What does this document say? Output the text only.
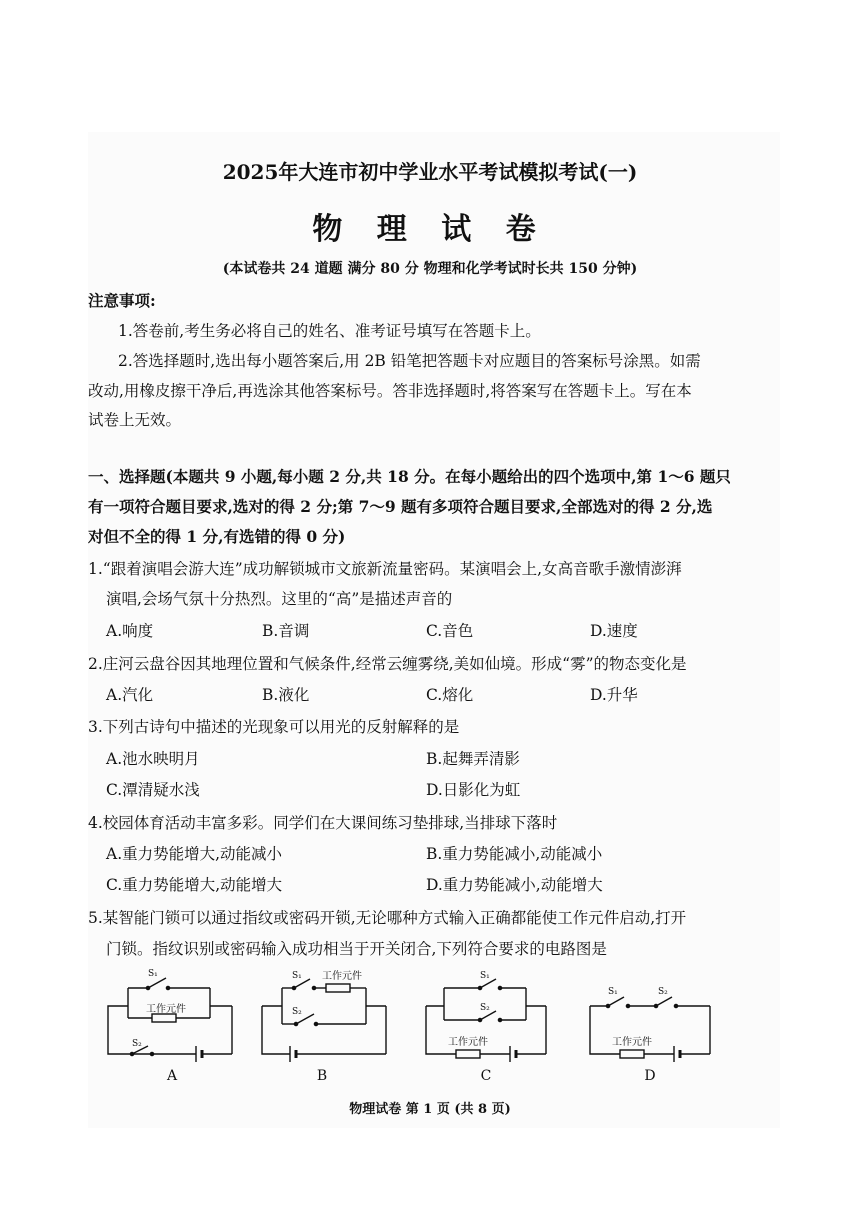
2025年大连市初中学业水平考试模拟考试(一)
物 理 试 卷
(本试卷共 24 道题 满分 80 分 物理和化学考试时长共 150 分钟)
注意事项:
1.答卷前,考生务必将自己的姓名、准考证号填写在答题卡上。
2.答选择题时,选出每小题答案后,用 2B 铅笔把答题卡对应题目的答案标号涂黑。如需
改动,用橡皮擦干净后,再选涂其他答案标号。答非选择题时,将答案写在答题卡上。写在本
试卷上无效。
一、选择题(本题共 9 小题,每小题 2 分,共 18 分。在每小题给出的四个选项中,第 1～6 题只
有一项符合题目要求,选对的得 2 分;第 7～9 题有多项符合题目要求,全部选对的得 2 分,选
对但不全的得 1 分,有选错的得 0 分)
1.“跟着演唱会游大连”成功解锁城市文旅新流量密码。某演唱会上,女高音歌手激情澎湃
演唱,会场气氛十分热烈。这里的“高”是描述声音的
A.响度	B.音调	C.音色	D.速度
2.庄河云盘谷因其地理位置和气候条件,经常云缠雾绕,美如仙境。形成“雾”的物态变化是
A.汽化	B.液化	C.熔化	D.升华
3.下列古诗句中描述的光现象可以用光的反射解释的是
A.池水映明月	B.起舞弄清影
C.潭清疑水浅	D.日影化为虹
4.校园体育活动丰富多彩。同学们在大课间练习垫排球,当排球下落时
A.重力势能增大,动能减小	B.重力势能减小,动能减小
C.重力势能增大,动能增大	D.重力势能减小,动能增大
5.某智能门锁可以通过指纹或密码开锁,无论哪种方式输入正确都能使工作元件启动,打开
门锁。指纹识别或密码输入成功相当于开关闭合,下列符合要求的电路图是
S₁
工作元件
S₂
S₁ 工作元件
S₂
S₁
S₂
工作元件
S₁	S₂
工作元件
A	B	C	D
物理试卷 第 1 页 (共 8 页)
